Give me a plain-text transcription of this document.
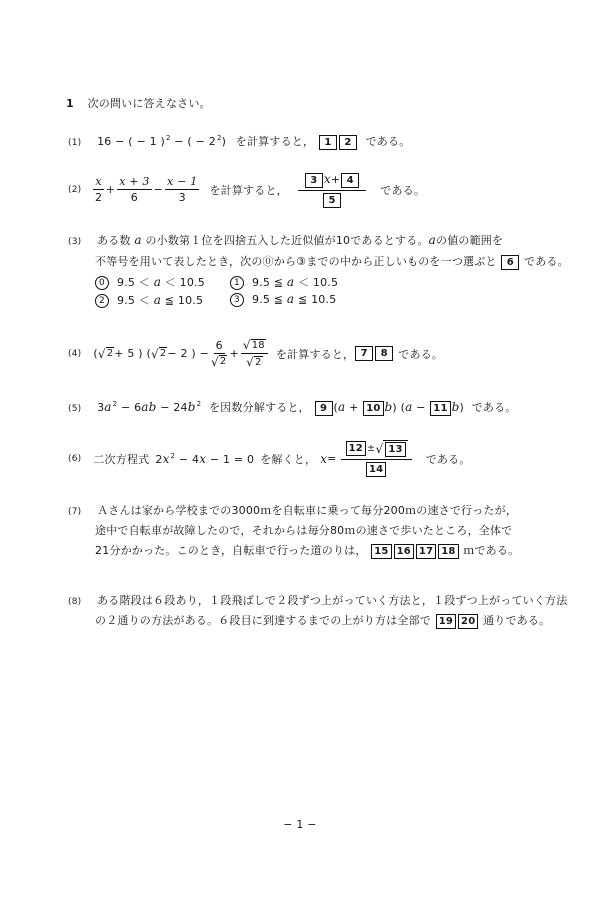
1 次の問いに答えなさい。
(1) 16 − ( − 1 )$^2$ − ( − $2^2$) を計算すると， 1 2 である。
$(2) \frac{x}{2} + \frac{x + 3}{6} - \frac{x - 1}{3}$ を計算すると， $\frac{3 x+ 4}{5}$ である。
(3) ある数 a の小数第１位を四捨五入した近似値が10であるとする。aの値の範囲を
不等号を用いて表したとき，次の⓪から③までの中から正しいものを一つ選ぶと 6 である。
0 9.5 ＜ a ＜ 10.5	1 9.5 ≦ a ＜ 10.5
2 9.5 ＜ a ≦ 10.5	3 9.5 ≦ a ≦ 10.5
(4) ( √ 2 + 5 ) ( √ 2 − 2 ) − $\frac{6}{√ 2} + \frac{√ 18}{√ 2}$ を計算すると， 7	8 である。
(5) $3a^2 - 6ab - 24b^2$ を因数分解すると， 9 (a + 10 b) (a − 11 b) である。
(6) 二次方程式 $2x^2 - 4x - 1 = 0$ を解くと， $x = \frac{12 \pm √ 13}{14}$ である。
(7) Ａさんは家から学校までの3000ｍを自転車に乗って毎分200ｍの速さで行ったが，
途中で自転車が故障したので，それからは毎分80ｍの速さで歩いたところ，全体で
21分かかった。このとき，自転車で行った道のりは， 15 16 17 18 ｍである。
(8) ある階段は６段あり，１段飛ばしで２段ずつ上がっていく方法と，１段ずつ上がっていく方法
の２通りの方法がある。６段目に到達するまでの上がり方は全部で 19 20 通りである。
− 1 −
